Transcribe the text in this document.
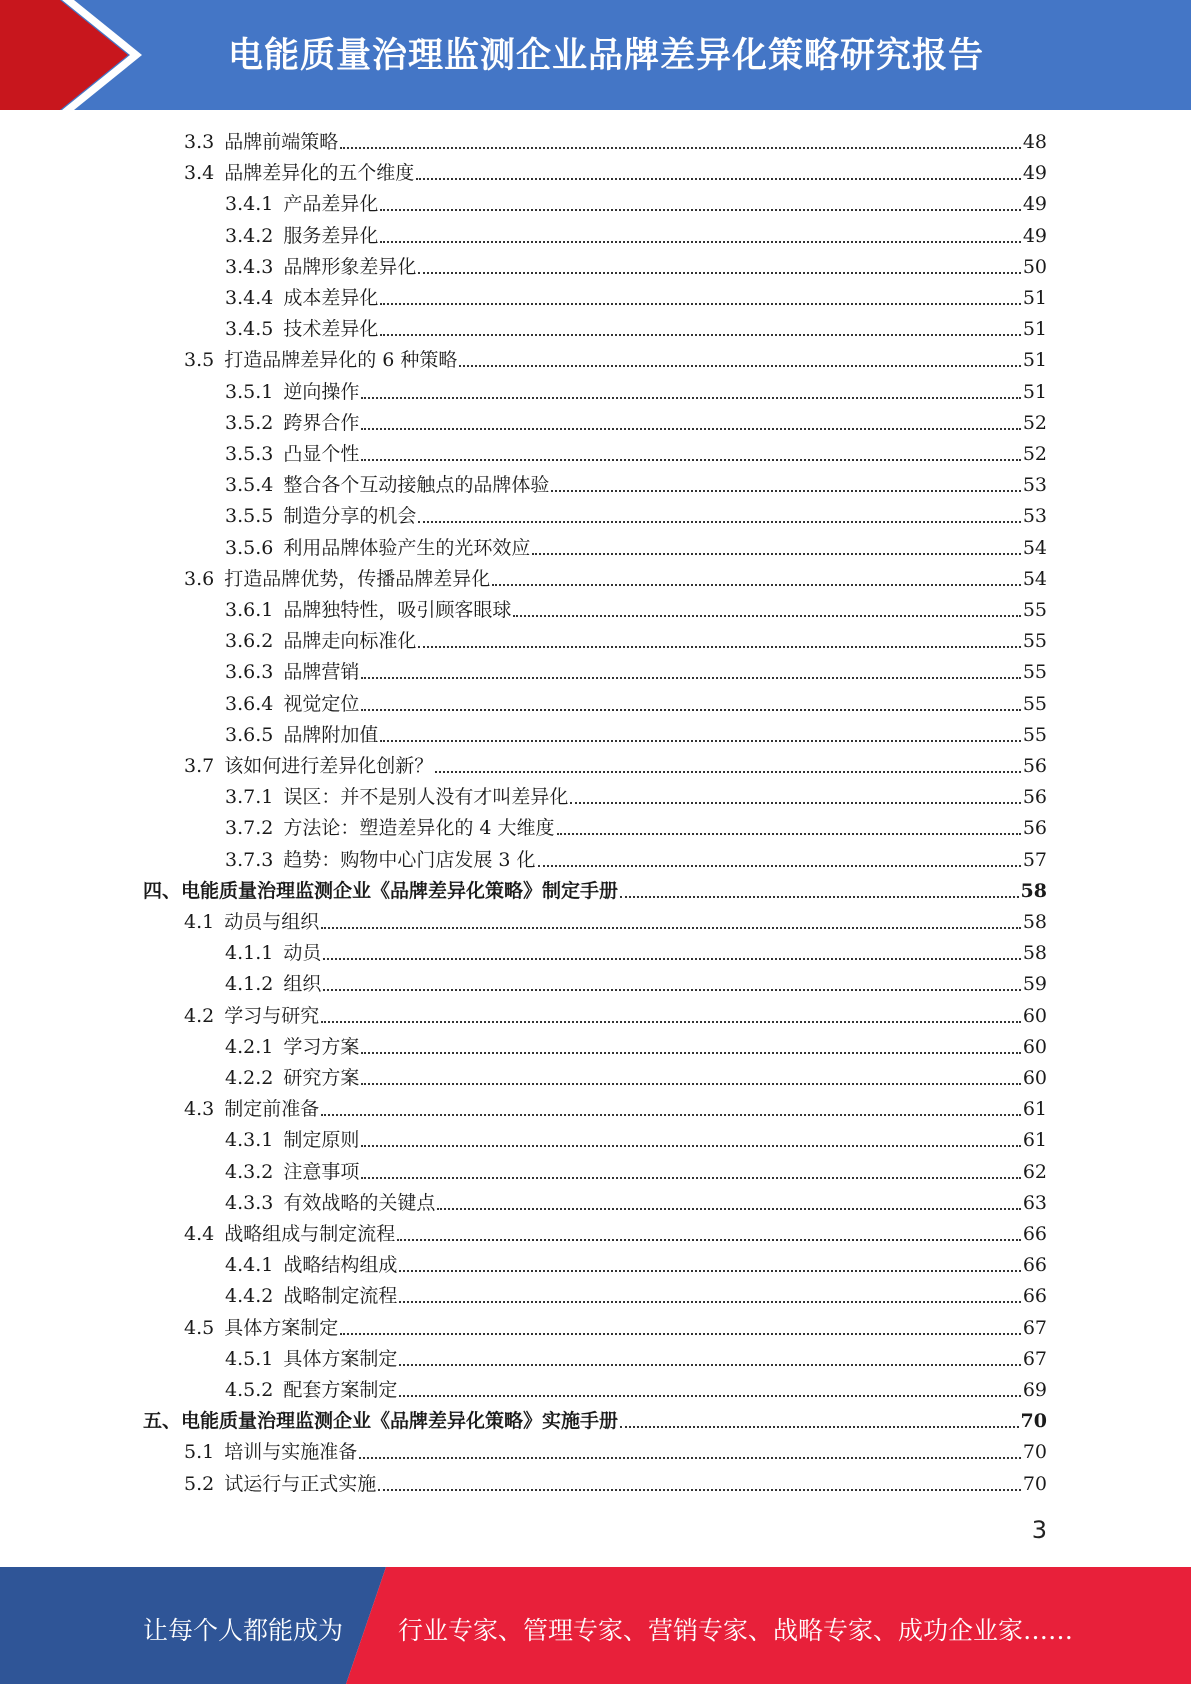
电能质量治理监测企业品牌差异化策略研究报告
3.3 品牌前端策略	48
3.4 品牌差异化的五个维度	49
3.4.1 产品差异化	49
3.4.2 服务差异化	49
3.4.3 品牌形象差异化	50
3.4.4 成本差异化	51
3.4.5 技术差异化	51
3.5 打造品牌差异化的 6 种策略	51
3.5.1 逆向操作	51
3.5.2 跨界合作	52
3.5.3 凸显个性	52
3.5.4 整合各个互动接触点的品牌体验	53
3.5.5 制造分享的机会	53
3.5.6 利用品牌体验产生的光环效应	54
3.6 打造品牌优势，传播品牌差异化	54
3.6.1 品牌独特性，吸引顾客眼球	55
3.6.2 品牌走向标准化	55
3.6.3 品牌营销	55
3.6.4 视觉定位	55
3.6.5 品牌附加值	55
3.7 该如何进行差异化创新？	56
3.7.1 误区：并不是别人没有才叫差异化	56
3.7.2 方法论：塑造差异化的 4 大维度	56
3.7.3 趋势：购物中心门店发展 3 化	57
四、 电能质量治理监测企业《品牌差异化策略》制定手册	58
4.1 动员与组织	58
4.1.1 动员	58
4.1.2 组织	59
4.2 学习与研究	60
4.2.1 学习方案	60
4.2.2 研究方案	60
4.3 制定前准备	61
4.3.1 制定原则	61
4.3.2 注意事项	62
4.3.3 有效战略的关键点	63
4.4 战略组成与制定流程	66
4.4.1 战略结构组成	66
4.4.2 战略制定流程	66
4.5 具体方案制定	67
4.5.1 具体方案制定	67
4.5.2 配套方案制定	69
五、 电能质量治理监测企业《品牌差异化策略》实施手册	70
5.1 培训与实施准备	70
5.2 试运行与正式实施	70
3
让每个人都能成为 行业专家、管理专家、营销专家、战略专家、成功企业家……
